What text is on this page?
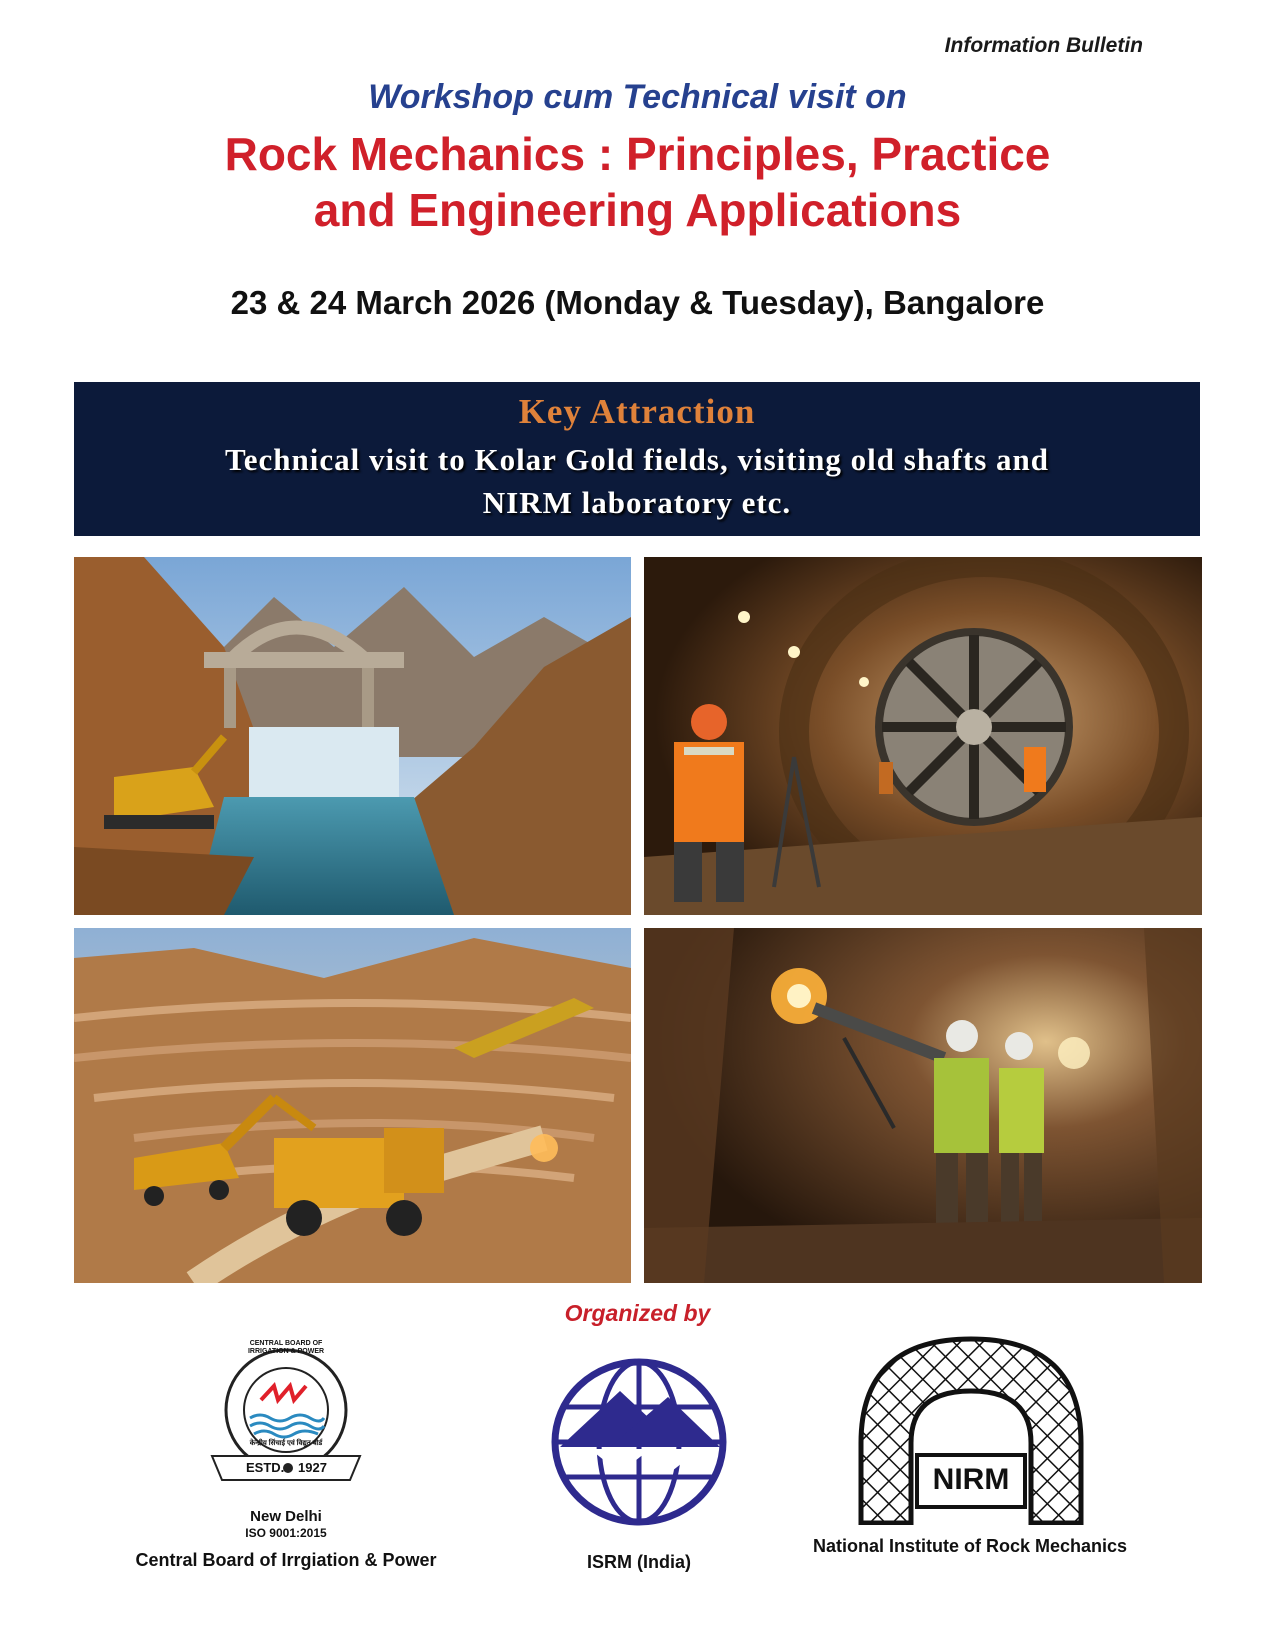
Information Bulletin
Workshop cum Technical visit on
Rock Mechanics : Principles, Practice
and Engineering Applications
23 & 24 March 2026 (Monday & Tuesday), Bangalore
Key Attraction
Technical visit to Kolar Gold fields, visiting old shafts and
NIRM laboratory etc.
Organized by
ESTD. 1927
CENTRAL BOARD OF IRRIGATION & POWER
केन्द्रीय सिंचाई एवं विद्युत बोर्ड
New Delhi
ISO 9001:2015
Central Board of Irrgiation & Power	ISRM (India)
NIRM
National Institute of Rock Mechanics
